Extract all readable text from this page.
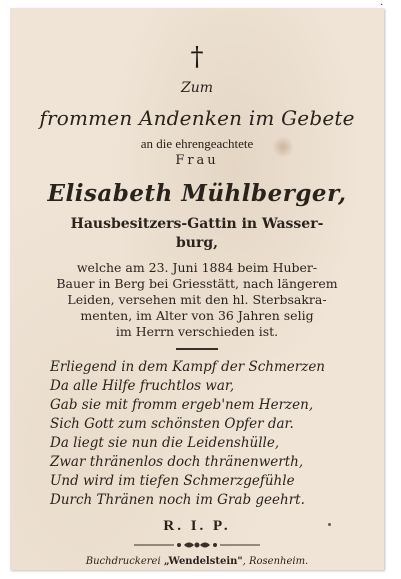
†
Zum
frommen Andenken im Gebete
an die ehrengeachtete
Frau
Elisabeth Mühlberger,
Hausbesitzers-Gattin in Wasser-
burg,
welche am 23. Juni 1884 beim Huber-
Bauer in Berg bei Griesstätt, nach längerem
Leiden, versehen mit den hl. Sterbsakra-
menten, im Alter von 36 Jahren selig
im Herrn verschieden ist.
Erliegend in dem Kampf der Schmerzen
Da alle Hilfe fruchtlos war,
Gab sie mit fromm ergeb'nem Herzen,
Sich Gott zum schönsten Opfer dar.
Da liegt sie nun die Leidenshülle,
Zwar thränenlos doch thränenwerth,
Und wird im tiefen Schmerzgefühle
Durch Thränen noch im Grab geehrt.
R. I. P.
Buchdruckerei „Wendelstein", Rosenheim.
·
